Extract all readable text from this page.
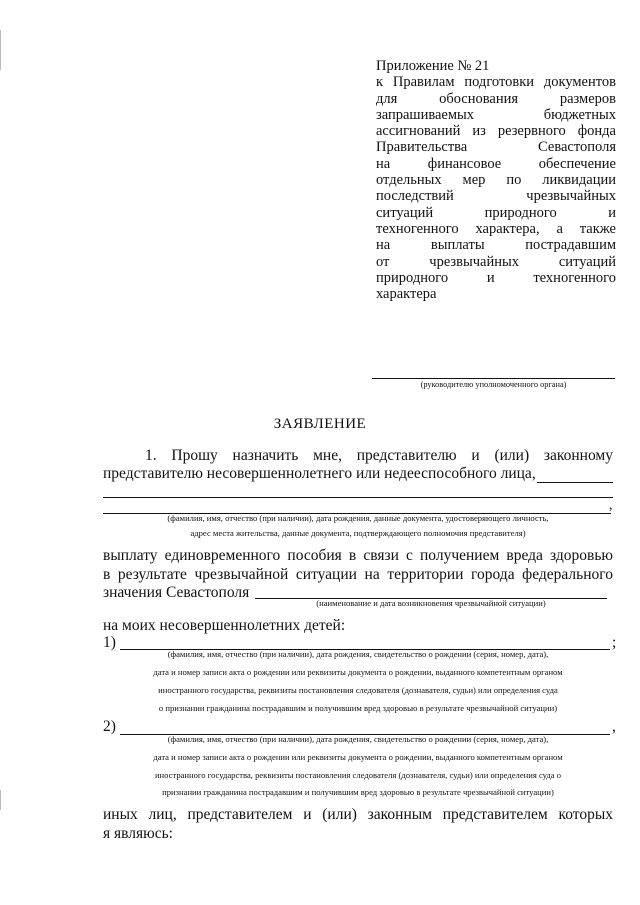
Приложение № 21
к Правилам подготовки документов
для обоснования размеров
запрашиваемых бюджетных
ассигнований из резервного фонда
Правительства Севастополя
на финансовое обеспечение
отдельных мер по ликвидации
последствий чрезвычайных
ситуаций природного и
техногенного характера, а также
на выплаты пострадавшим
от чрезвычайных ситуаций
природного и техногенного
характера
(руководителю уполномоченного органа)
ЗАЯВЛЕНИЕ
1. Прошу назначить мне, представителю и (или) законному
представителю несовершеннолетнего или недееспособного лица,
,
(фамилия, имя, отчество (при наличии), дата рождения, данные документа, удостоверяющего личность,
адрес места жительства, данные документа, подтверждающего полномочия представителя)
выплату единовременного пособия в связи с получением вреда здоровью
в результате чрезвычайной ситуации на территории города федерального
значения Севастополя
(наименование и дата возникновения чрезвычайной ситуации)
на моих несовершеннолетних детей:
1)	;
(фамилия, имя, отчество (при наличии), дата рождения, свидетельство о рождении (серия, номер, дата),
дата и номер записи акта о рождении или реквизиты документа о рождении, выданного компетентным органом
иностранного государства, реквизиты постановления следователя (дознавателя, судьи) или определения суда
о признании гражданина пострадавшим и получившим вред здоровью в результате чрезвычайной ситуации)
2)	,
(фамилия, имя, отчество (при наличии), дата рождения, свидетельство о рождении (серия, номер, дата),
дата и номер записи акта о рождении или реквизиты документа о рождении, выданного компетентным органом
иностранного государства, реквизиты постановления следователя (дознавателя, судьи) или определения суда о
признании гражданина пострадавшим и получившим вред здоровью в результате чрезвычайной ситуации)
иных лиц, представителем и (или) законным представителем которых
я являюсь:
